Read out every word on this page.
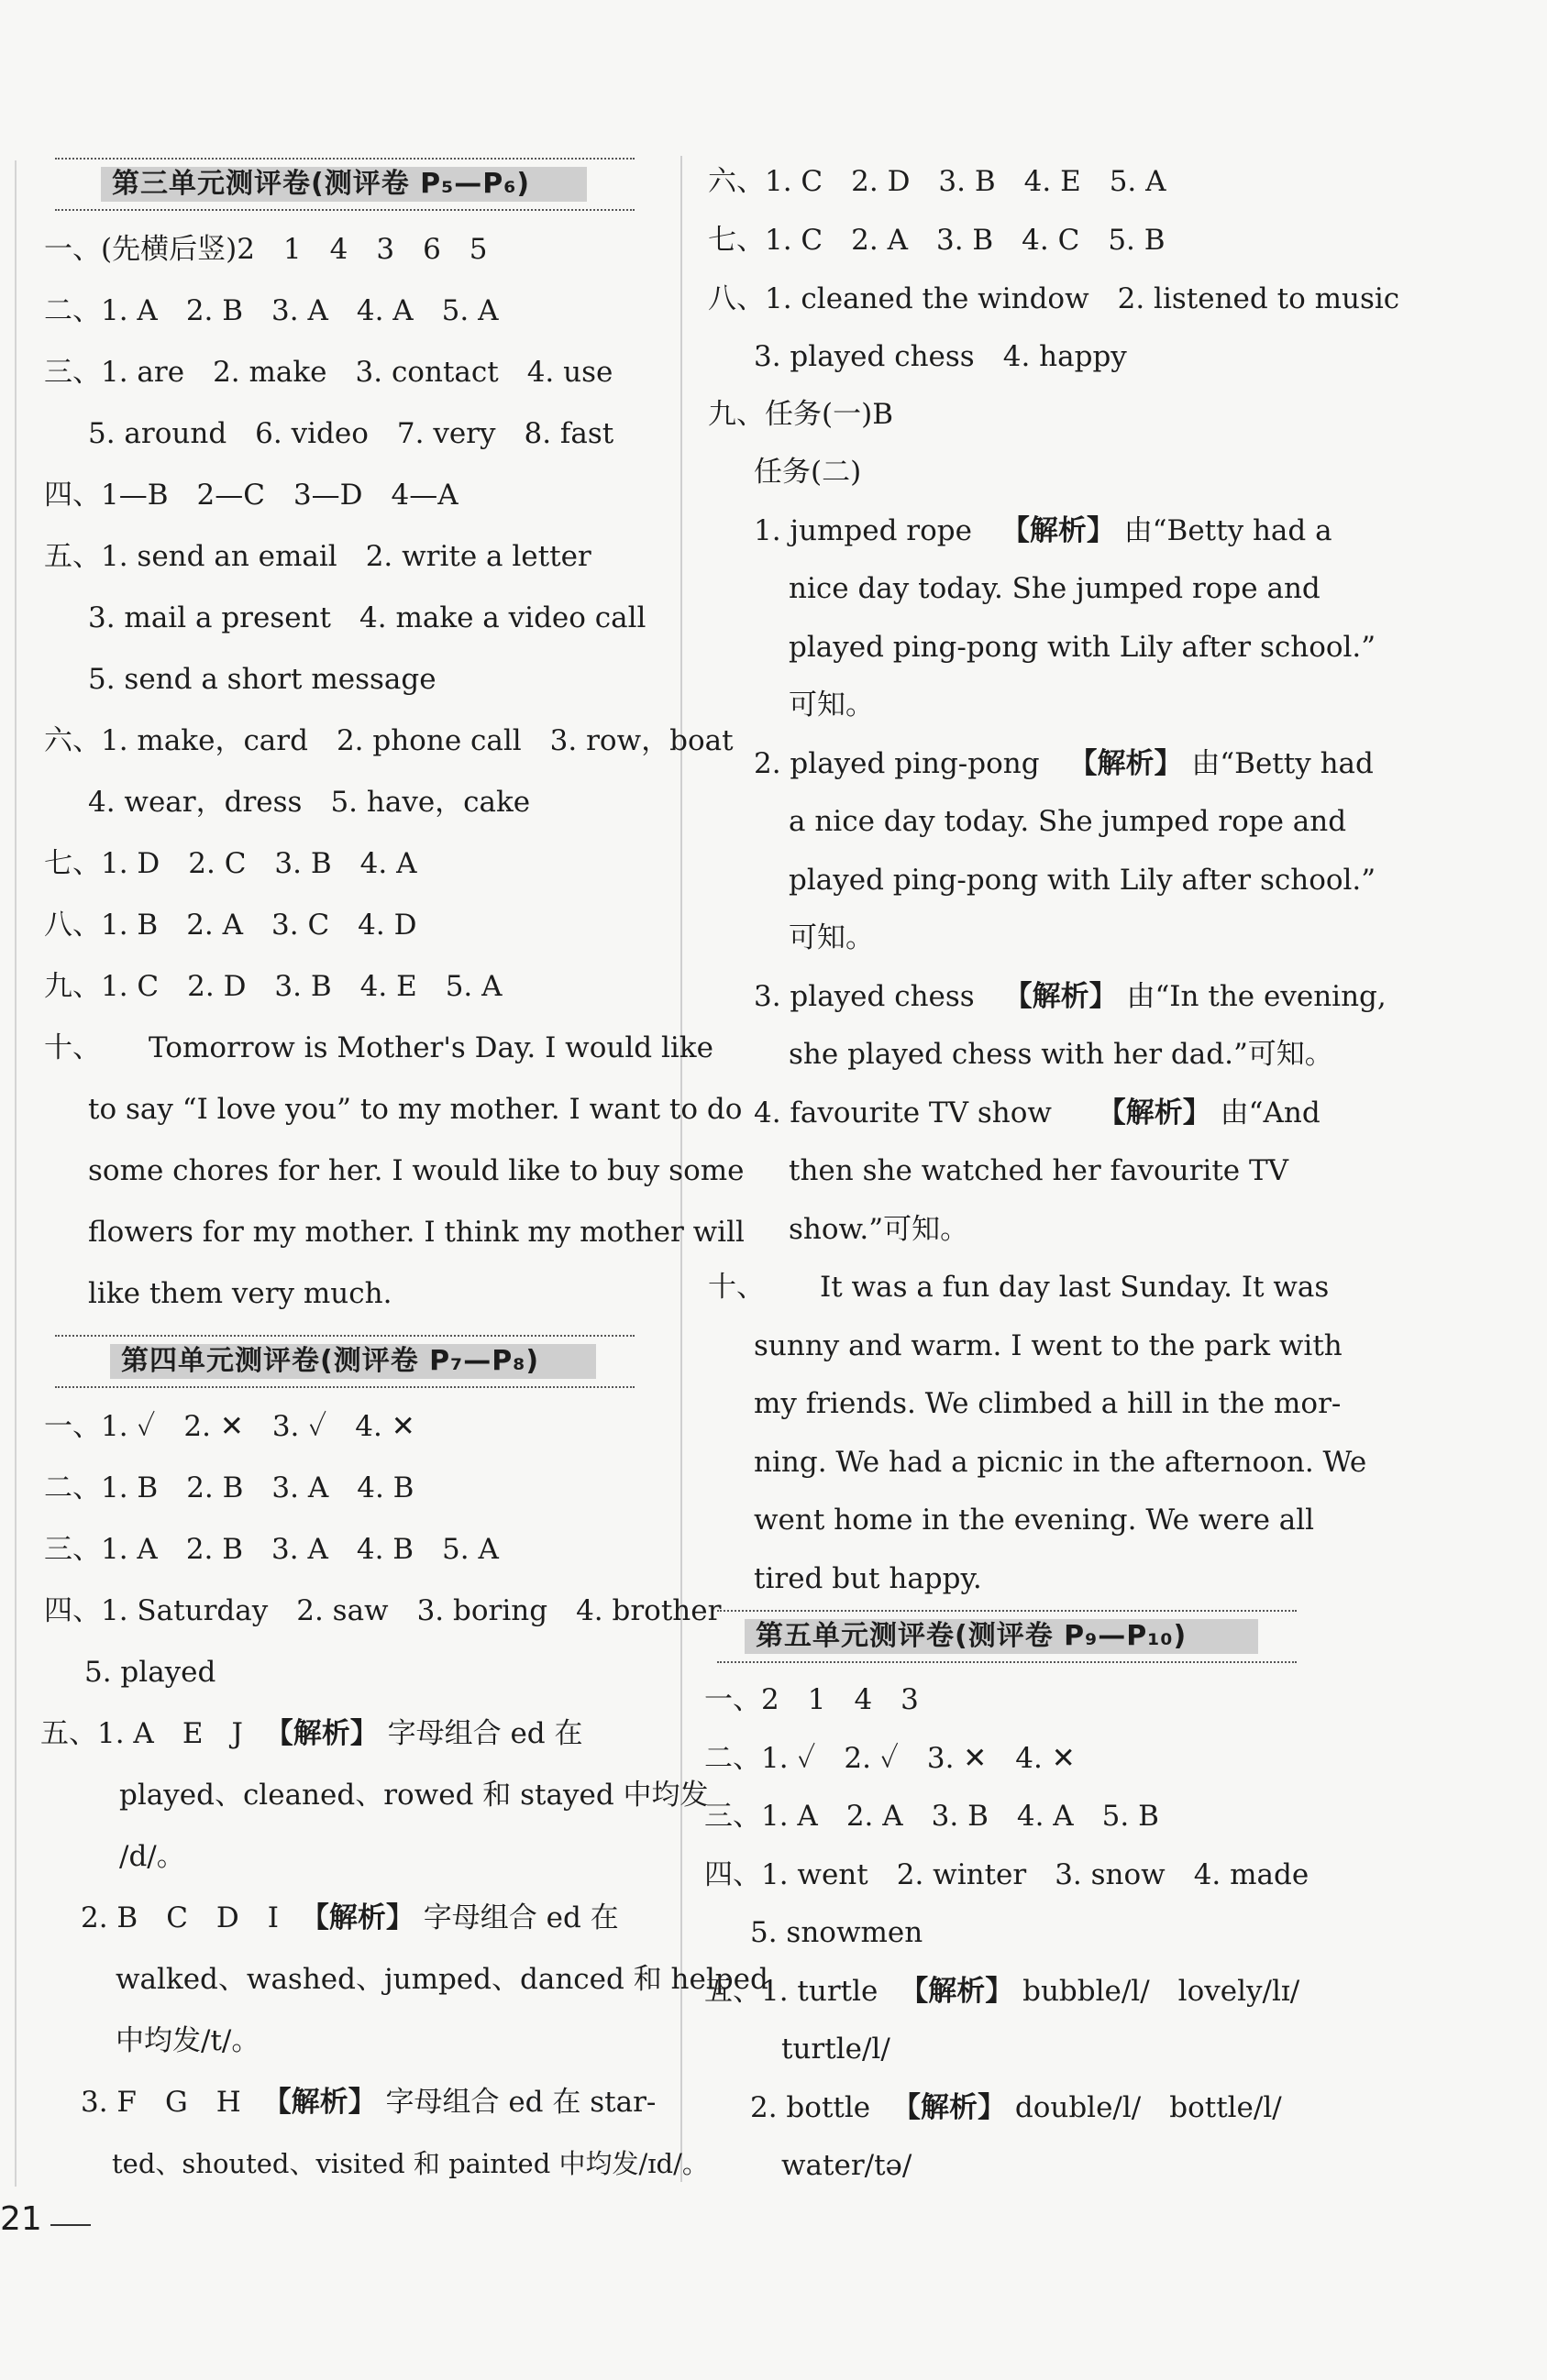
第三单元测评卷(测评卷 P₅—P₆)
一、(先横后竖)2　1　4　3　6　5
二、1. A　2. B　3. A　4. A　5. A
三、1. are　2. make　3. contact　4. use
5. around　6. video　7. very　8. fast
四、1—B　2—C　3—D　4—A
五、1. send an email　2. write a letter
3. mail a present　4. make a video call
5. send a short message
六、1. make，card　2. phone call　3. row，boat
4. wear，dress　5. have，cake
七、1. D　2. C　3. B　4. A
八、1. B　2. A　3. C　4. D
九、1. C　2. D　3. B　4. E　5. A
十、 Tomorrow is Mother's Day. I would like
to say “I love you” to my mother. I want to do
some chores for her. I would like to buy some
flowers for my mother. I think my mother will
like them very much.
第四单元测评卷(测评卷 P₇—P₈)
一、1. ✓　2. ✕　3. ✓　4. ✕
二、1. B　2. B　3. A　4. B
三、1. A　2. B　3. A　4. B　5. A
四、1. Saturday　2. saw　3. boring　4. brother
5. played
五、1. A　E　J 【解析】 字母组合 ed 在
played、cleaned、rowed 和 stayed 中均发
/d/。
2. B　C　D　I 【解析】 字母组合 ed 在
walked、washed、jumped、danced 和 helped
中均发/t/。
3. F　G　H 【解析】 字母组合 ed 在 star-
ted、shouted、visited 和 painted 中均发/ɪd/。
六、1. C　2. D　3. B　4. E　5. A
七、1. C　2. A　3. B　4. C　5. B
八、1. cleaned the window　2. listened to music
3. played chess　4. happy
九、任务(一)B
任务(二)
1. jumped rope 【解析】 由“Betty had a
nice day today. She jumped rope and
played ping-pong with Lily after school.”
可知。
2. played ping-pong 【解析】 由“Betty had
a nice day today. She jumped rope and
played ping-pong with Lily after school.”
可知。
3. played chess 【解析】 由“In the evening,
she played chess with her dad.”可知。
4. favourite TV show 【解析】 由“And
then she watched her favourite TV
show.”可知。
十、 It was a fun day last Sunday. It was
sunny and warm. I went to the park with
my friends. We climbed a hill in the mor-
ning. We had a picnic in the afternoon. We
went home in the evening. We were all
tired but happy.
第五单元测评卷(测评卷 P₉—P₁₀)
一、2　1　4　3
二、1. ✓　2. ✓　3. ✕　4. ✕
三、1. A　2. A　3. B　4. A　5. B
四、1. went　2. winter　3. snow　4. made
5. snowmen
五、1. turtle 【解析】 bubble/l/　lovely/lɪ/
turtle/l/
2. bottle 【解析】 double/l/　bottle/l/
water/tə/
21
